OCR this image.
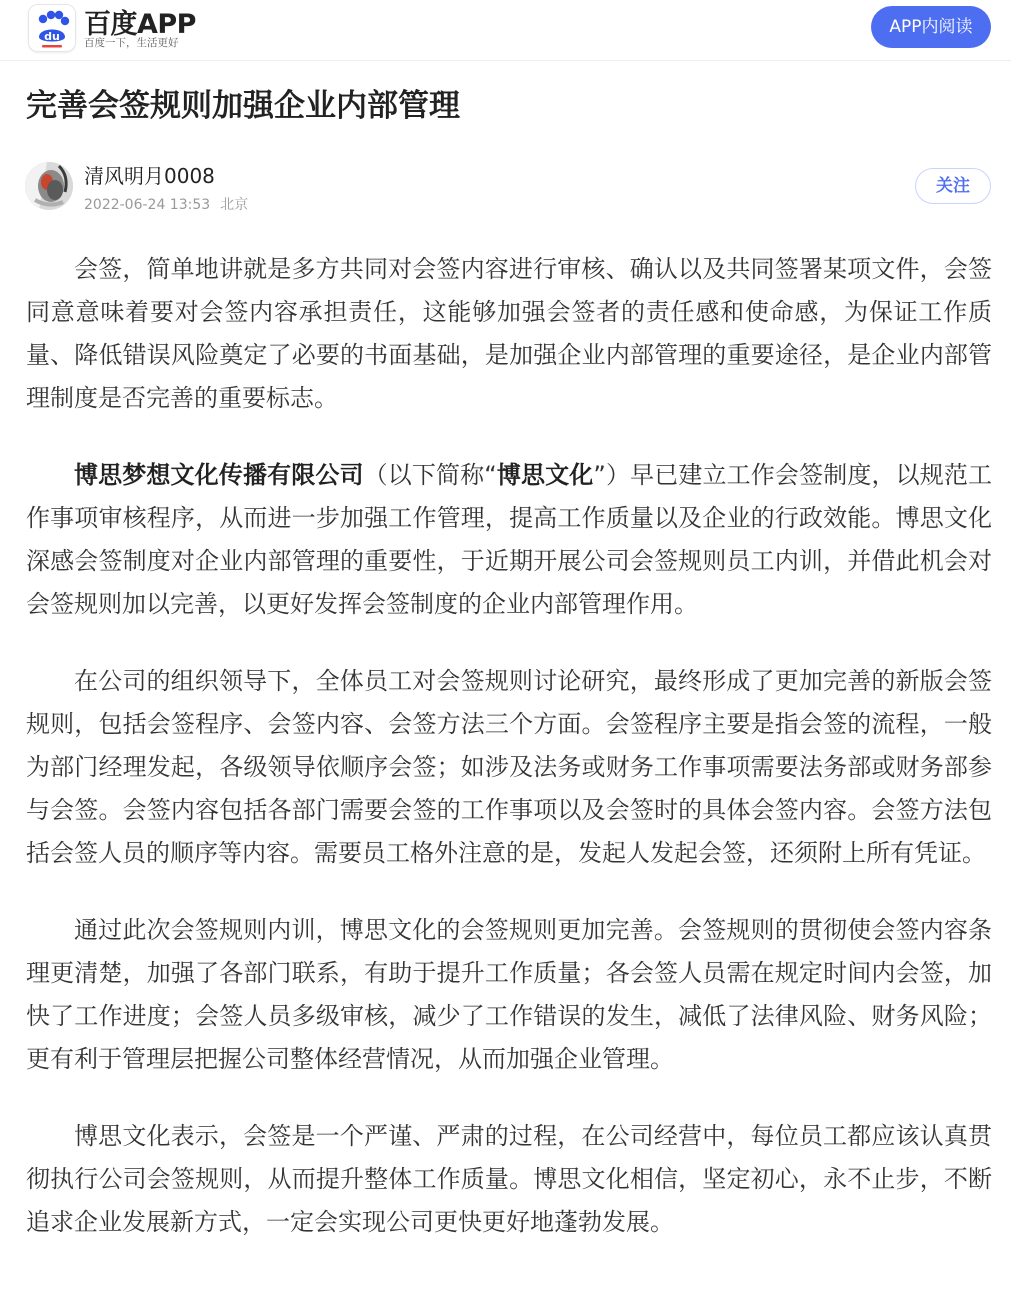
du 百度APP
百度一下，生活更好
APP内阅读
完善会签规则加强企业内部管理
清风明月0008
2022-06-24 13:53 北京
关注

会签，简单地讲就是多方共同对会签内容进行审核、确认以及共同签署某项文件，会签同意意味着要对会签内容承担责任，这能够加强会签者的责任感和使命感，为保证工作质量、降低错误风险奠定了必要的书面基础，是加强企业内部管理的重要途径，是企业内部管理制度是否完善的重要标志。

博思梦想文化传播有限公司（以下简称“博思文化”）早已建立工作会签制度，以规范工作事项审核程序，从而进一步加强工作管理，提高工作质量以及企业的行政效能。博思文化深感会签制度对企业内部管理的重要性，于近期开展公司会签规则员工内训，并借此机会对会签规则加以完善，以更好发挥会签制度的企业内部管理作用。

在公司的组织领导下，全体员工对会签规则讨论研究，最终形成了更加完善的新版会签规则，包括会签程序、会签内容、会签方法三个方面。会签程序主要是指会签的流程，一般为部门经理发起，各级领导依顺序会签；如涉及法务或财务工作事项需要法务部或财务部参与会签。会签内容包括各部门需要会签的工作事项以及会签时的具体会签内容。会签方法包括会签人员的顺序等内容。需要员工格外注意的是，发起人发起会签，还须附上所有凭证。

通过此次会签规则内训，博思文化的会签规则更加完善。会签规则的贯彻使会签内容条理更清楚，加强了各部门联系，有助于提升工作质量；各会签人员需在规定时间内会签，加快了工作进度；会签人员多级审核，减少了工作错误的发生，减低了法律风险、财务风险；更有利于管理层把握公司整体经营情况，从而加强企业管理。

博思文化表示，会签是一个严谨、严肃的过程，在公司经营中，每位员工都应该认真贯彻执行公司会签规则，从而提升整体工作质量。博思文化相信，坚定初心，永不止步，不断追求企业发展新方式，一定会实现公司更快更好地蓬勃发展。
